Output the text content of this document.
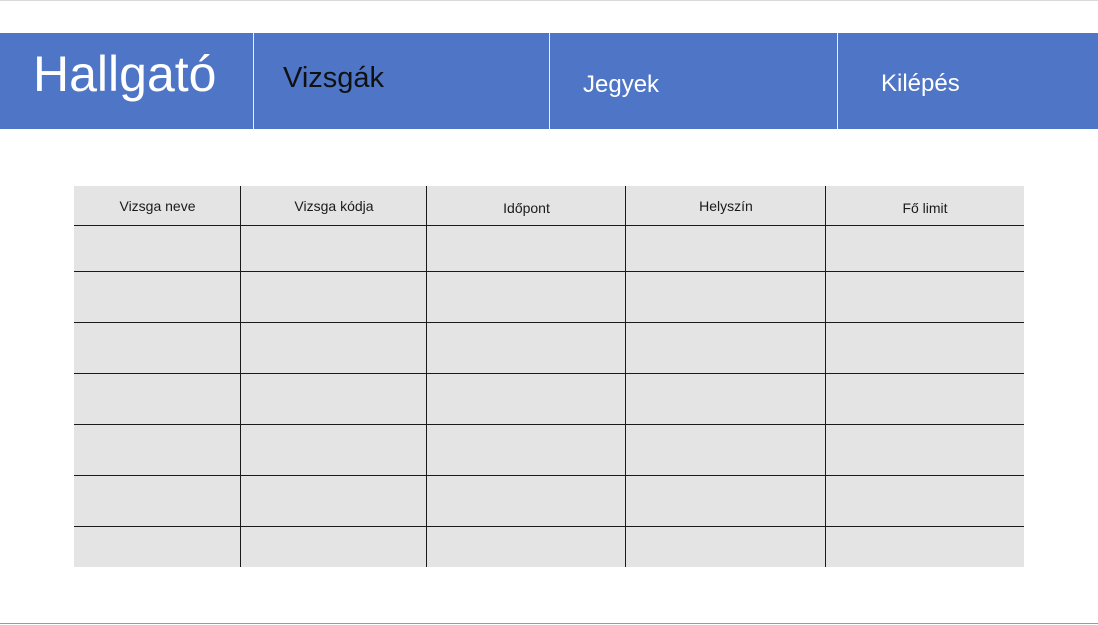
Hallgató	Vizsgák	Jegyek	Kilépés
Vizsga neve	Vizsga kódja	Időpont	Helyszín	Fő limit
